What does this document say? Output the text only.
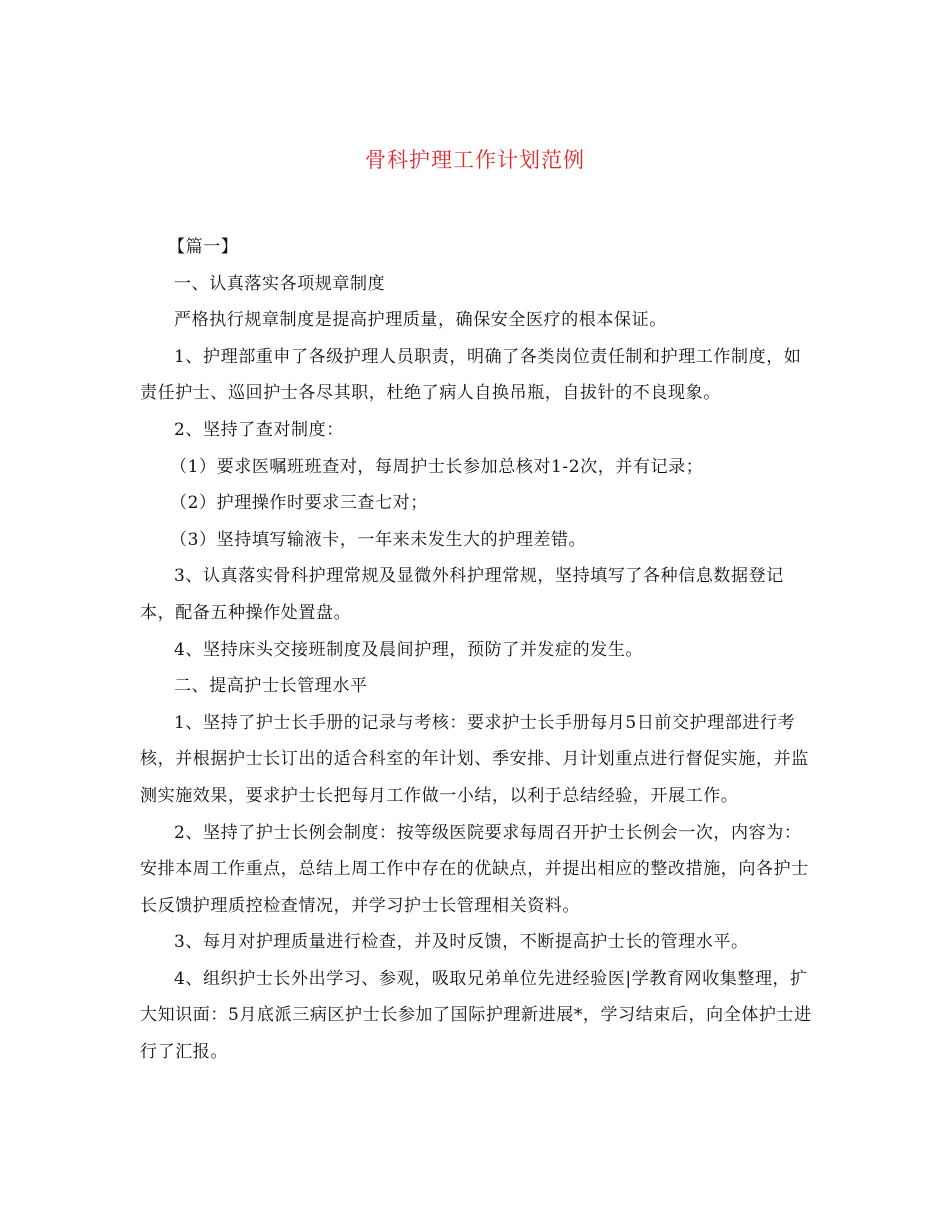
骨科护理工作计划范例

【篇一】

一、认真落实各项规章制度

严格执行规章制度是提高护理质量，确保安全医疗的根本保证。

1、护理部重申了各级护理人员职责，明确了各类岗位责任制和护理工作制度，如责任护士、巡回护士各尽其职，杜绝了病人自换吊瓶，自拔针的不良现象。

2、坚持了查对制度：

（1）要求医嘱班班查对，每周护士长参加总核对1-2次，并有记录；

（2）护理操作时要求三查七对；

（3）坚持填写输液卡，一年来未发生大的护理差错。

3、认真落实骨科护理常规及显微外科护理常规，坚持填写了各种信息数据登记本，配备五种操作处置盘。

4、坚持床头交接班制度及晨间护理，预防了并发症的发生。

二、提高护士长管理水平

1、坚持了护士长手册的记录与考核：要求护士长手册每月5日前交护理部进行考核，并根据护士长订出的适合科室的年计划、季安排、月计划重点进行督促实施，并监测实施效果，要求护士长把每月工作做一小结，以利于总结经验，开展工作。

2、坚持了护士长例会制度：按等级医院要求每周召开护士长例会一次，内容为：安排本周工作重点，总结上周工作中存在的优缺点，并提出相应的整改措施，向各护士长反馈护理质控检查情况，并学习护士长管理相关资料。

3、每月对护理质量进行检查，并及时反馈，不断提高护士长的管理水平。

4、组织护士长外出学习、参观，吸取兄弟单位先进经验医|学教育网收集整理，扩大知识面：5月底派三病区护士长参加了国际护理新进展*，学习结束后，向全体护士进行了汇报。
